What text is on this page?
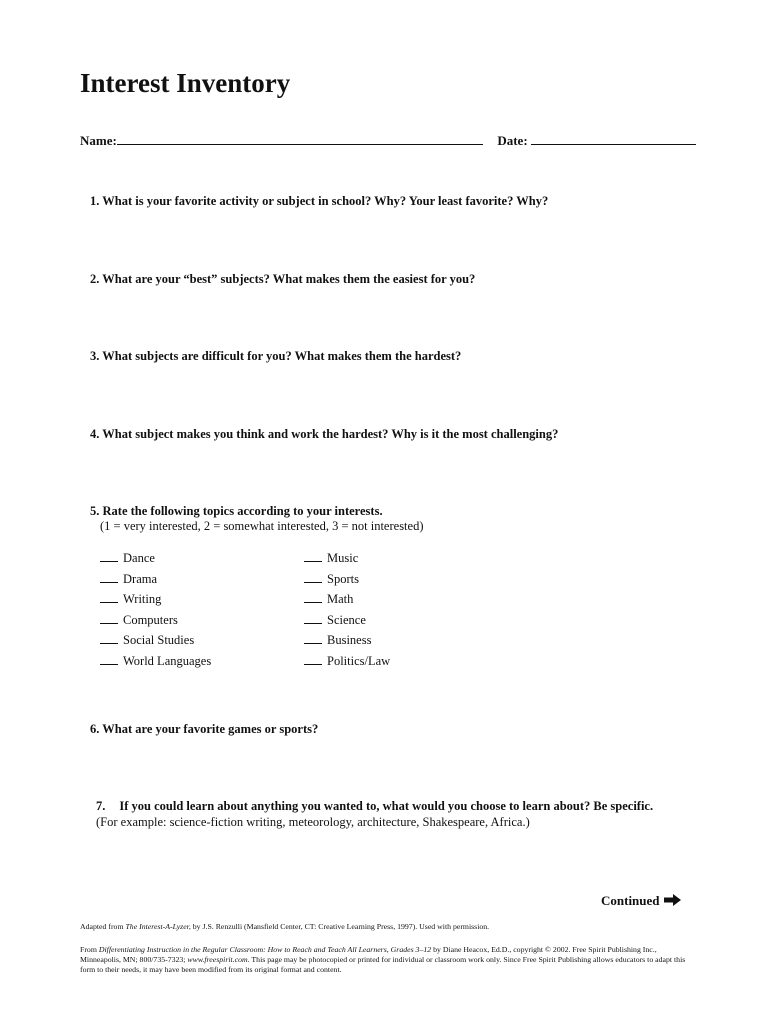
Interest Inventory
Name:	Date:
1. What is your favorite activity or subject in school? Why? Your least favorite? Why?
2. What are your “best” subjects? What makes them the easiest for you?
3. What subjects are difficult for you? What makes them the hardest?
4. What subject makes you think and work the hardest? Why is it the most challenging?
5. Rate the following topics according to your interests.
(1 = very interested, 2 = somewhat interested, 3 = not interested)
Dance
Drama
Writing
Computers
Social Studies
World Languages
Music
Sports
Math
Science
Business
Politics/Law
6. What are your favorite games or sports?
7. If you could learn about anything you wanted to, what would you choose to learn about? Be specific.
(For example: science-fiction writing, meteorology, architecture, Shakespeare, Africa.)
Continued
Adapted from The Interest-A-Lyzer, by J.S. Renzulli (Mansfield Center, CT: Creative Learning Press, 1997). Used with permission.
From Differentiating Instruction in the Regular Classroom: How to Reach and Teach All Learners, Grades 3–12 by Diane Heacox, Ed.D., copyright © 2002. Free Spirit Publishing Inc., Minneapolis, MN; 800/735-7323; www.freespirit.com. This page may be photocopied or printed for individual or classroom work only. Since Free Spirit Publishing allows educators to adapt this form to their needs, it may have been modified from its original format and content.
